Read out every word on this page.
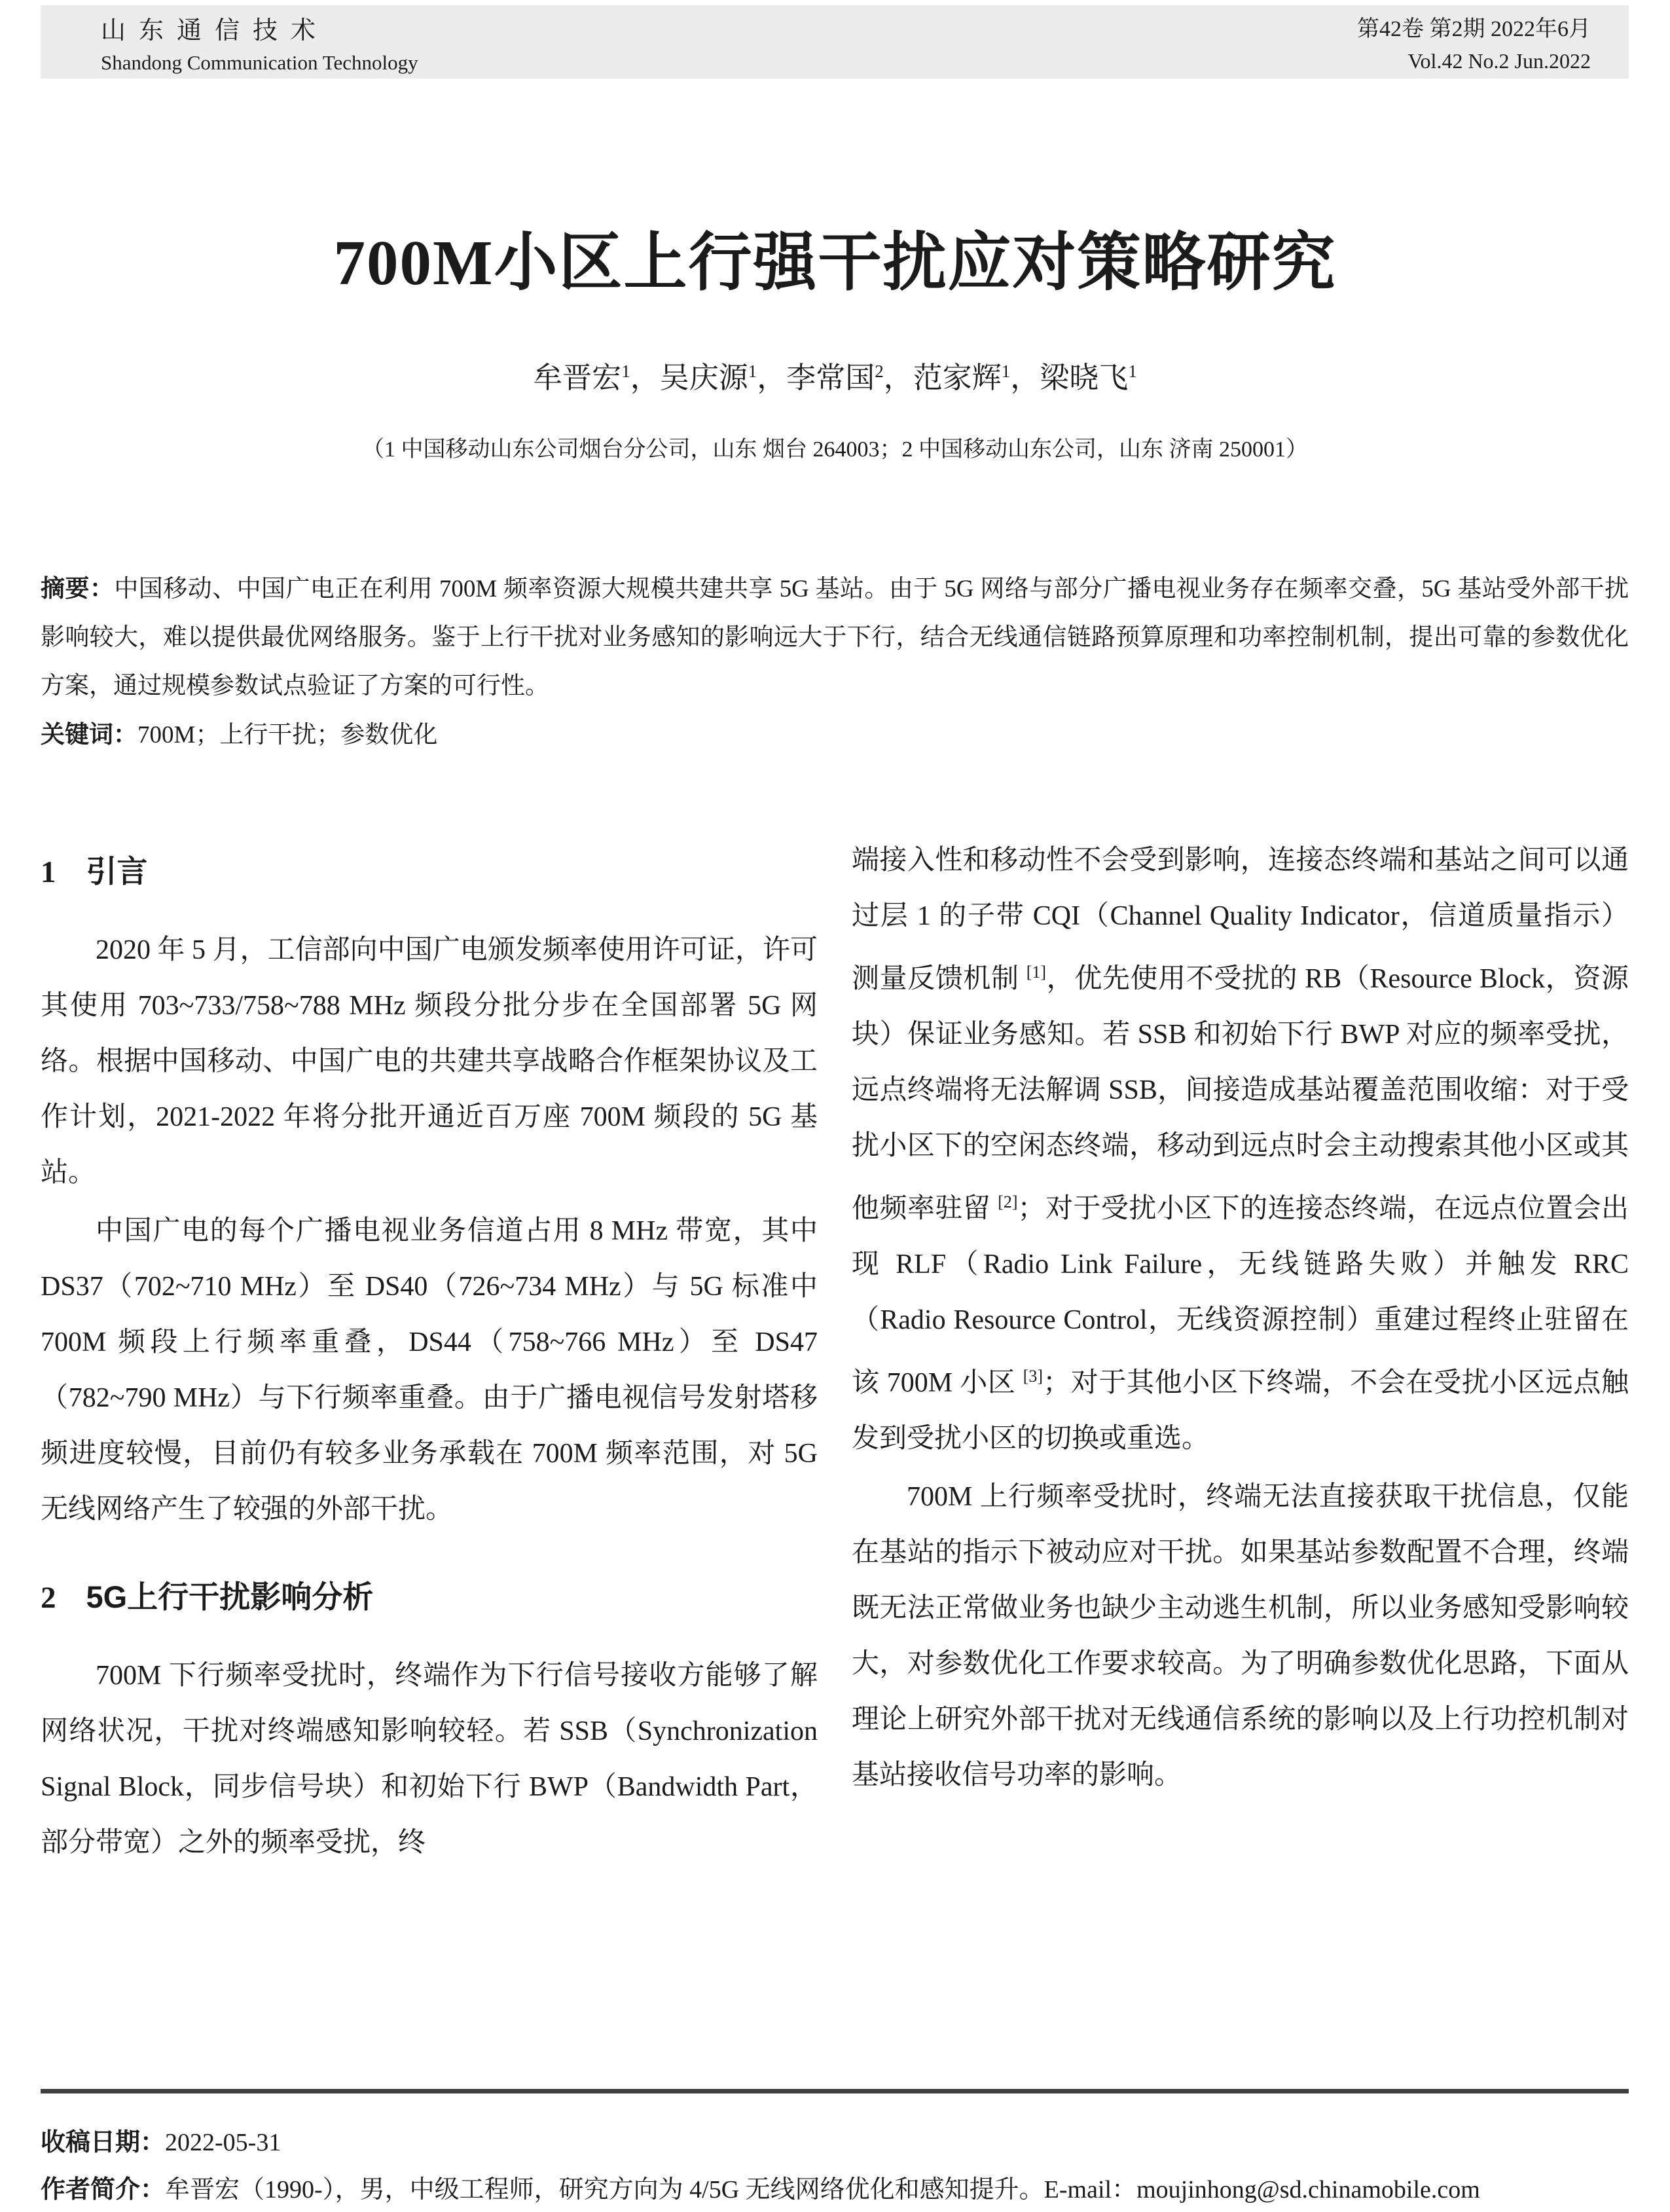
山东通信技术
Shandong Communication Technology
第42卷 第2期 2022年6月
Vol.42 No.2 Jun.2022
700M小区上行强干扰应对策略研究
牟晋宏$^1$，吴庆源$^1$，李常国$^2$，范家辉$^1$，梁晓飞$^1$
（1 中国移动山东公司烟台分公司，山东 烟台 264003；2 中国移动山东公司，山东 济南 250001）

摘要：中国移动、中国广电正在利用 700M 频率资源大规模共建共享 5G 基站。由于 5G 网络与部分广播电视业务存在频率交叠，5G 基站受外部干扰影响较大，难以提供最优网络服务。鉴于上行干扰对业务感知的影响远大于下行，结合无线通信链路预算原理和功率控制机制，提出可靠的参数优化方案，通过规模参数试点验证了方案的可行性。

关键词：700M；上行干扰；参数优化

1 引言

2020 年 5 月，工信部向中国广电颁发频率使用许可证，许可其使用 703~733/758~788 MHz 频段分批分步在全国部署 5G 网络。根据中国移动、中国广电的共建共享战略合作框架协议及工作计划，2021-2022 年将分批开通近百万座 700M 频段的 5G 基站。

中国广电的每个广播电视业务信道占用 8 MHz 带宽，其中 DS37（702~710 MHz）至 DS40（726~734 MHz）与 5G 标准中 700M 频段上行频率重叠，DS44（758~766 MHz）至 DS47（782~790 MHz）与下行频率重叠。由于广播电视信号发射塔移频进度较慢，目前仍有较多业务承载在 700M 频率范围，对 5G 无线网络产生了较强的外部干扰。

2 5G上行干扰影响分析

700M 下行频率受扰时，终端作为下行信号接收方能够了解网络状况，干扰对终端感知影响较轻。若 SSB（Synchronization Signal Block，同步信号块）和初始下行 BWP（Bandwidth Part，部分带宽）之外的频率受扰，终

端接入性和移动性不会受到影响，连接态终端和基站之间可以通过层 1 的子带 CQI（Channel Quality Indicator，信道质量指示）测量反馈机制 [1]，优先使用不受扰的 RB（Resource Block，资源块）保证业务感知。若 SSB 和初始下行 BWP 对应的频率受扰，远点终端将无法解调 SSB，间接造成基站覆盖范围收缩：对于受扰小区下的空闲态终端，移动到远点时会主动搜索其他小区或其他频率驻留 [2]；对于受扰小区下的连接态终端，在远点位置会出现 RLF（Radio Link Failure，无线链路失败）并触发 RRC（Radio Resource Control，无线资源控制）重建过程终止驻留在该 700M 小区 [3]；对于其他小区下终端，不会在受扰小区远点触发到受扰小区的切换或重选。

700M 上行频率受扰时，终端无法直接获取干扰信息，仅能在基站的指示下被动应对干扰。如果基站参数配置不合理，终端既无法正常做业务也缺少主动逃生机制，所以业务感知受影响较大，对参数优化工作要求较高。为了明确参数优化思路，下面从理论上研究外部干扰对无线通信系统的影响以及上行功控机制对基站接收信号功率的影响。

收稿日期：2022-05-31
作者简介：牟晋宏（1990-），男，中级工程师，研究方向为 4/5G 无线网络优化和感知提升。E-mail：moujinhong@sd.chinamobile.com
